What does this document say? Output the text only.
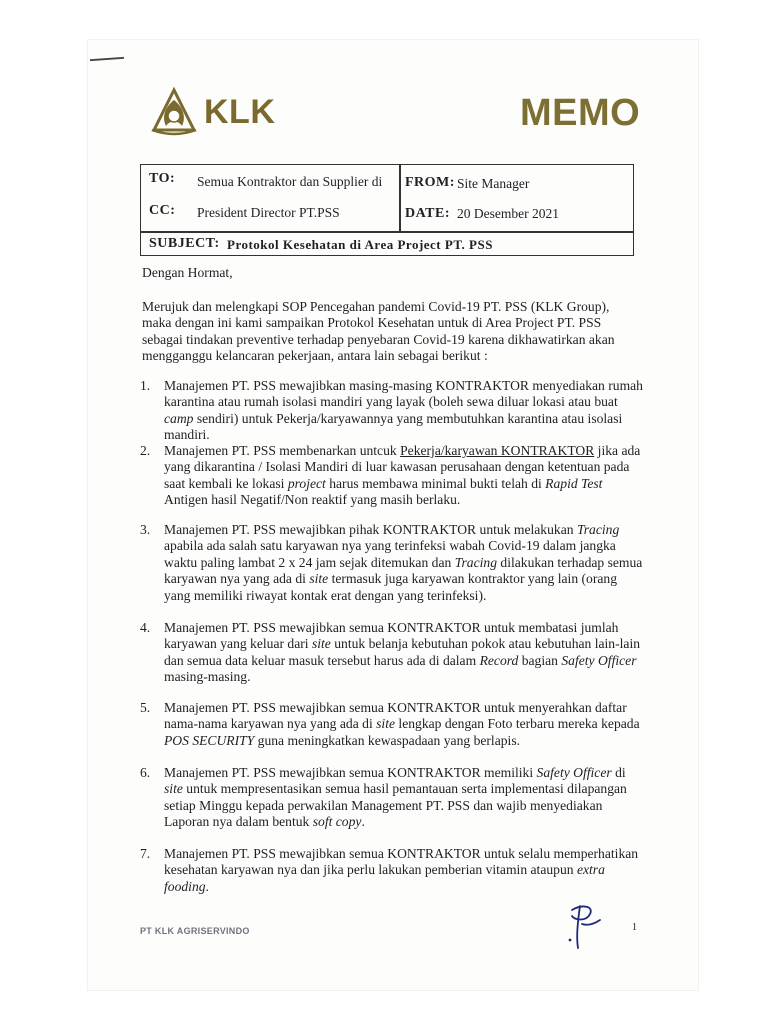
KLK	MEMO
TO: Semua Kontraktor dan Supplier di
CC: President Director PT.PSS
FROM: Site Manager
DATE: 20 Desember 2021
SUBJECT: Protokol Kesehatan di Area Project PT. PSS
Dengan Hormat,
Merujuk dan melengkapi SOP Pencegahan pandemi Covid-19 PT. PSS (KLK Group), maka dengan ini kami sampaikan Protokol Kesehatan untuk di Area Project PT. PSS sebagai tindakan preventive terhadap penyebaran Covid-19 karena dikhawatirkan akan mengganggu kelancaran pekerjaan, antara lain sebagai berikut :
1.	Manajemen PT. PSS mewajibkan masing-masing KONTRAKTOR menyediakan rumah karantina atau rumah isolasi mandiri yang layak (boleh sewa diluar lokasi atau buat camp sendiri) untuk Pekerja/karyawannya yang membutuhkan karantina atau isolasi mandiri.
2.	Manajemen PT. PSS membenarkan untcuk Pekerja/karyawan KONTRAKTOR jika ada yang dikarantina / Isolasi Mandiri di luar kawasan perusahaan dengan ketentuan pada saat kembali ke lokasi project harus membawa minimal bukti telah di Rapid Test Antigen hasil Negatif/Non reaktif yang masih berlaku.
3.	Manajemen PT. PSS mewajibkan pihak KONTRAKTOR untuk melakukan Tracing apabila ada salah satu karyawan nya yang terinfeksi wabah Covid-19 dalam jangka waktu paling lambat 2 x 24 jam sejak ditemukan dan Tracing dilakukan terhadap semua karyawan nya yang ada di site termasuk juga karyawan kontraktor yang lain (orang yang memiliki riwayat kontak erat dengan yang terinfeksi).
4.	Manajemen PT. PSS mewajibkan semua KONTRAKTOR untuk membatasi jumlah karyawan yang keluar dari site untuk belanja kebutuhan pokok atau kebutuhan lain-lain dan semua data keluar masuk tersebut harus ada di dalam Record bagian Safety Officer masing-masing.
5.	Manajemen PT. PSS mewajibkan semua KONTRAKTOR untuk menyerahkan daftar nama-nama karyawan nya yang ada di site lengkap dengan Foto terbaru mereka kepada POS SECURITY guna meningkatkan kewaspadaan yang berlapis.
6.	Manajemen PT. PSS mewajibkan semua KONTRAKTOR memiliki Safety Officer di site untuk mempresentasikan semua hasil pemantauan serta implementasi dilapangan setiap Minggu kepada perwakilan Management PT. PSS dan wajib menyediakan Laporan nya dalam bentuk soft copy.
7.	Manajemen PT. PSS mewajibkan semua KONTRAKTOR untuk selalu memperhatikan kesehatan karyawan nya dan jika perlu lakukan pemberian vitamin ataupun extra fooding.
PT KLK AGRISERVINDO	1
